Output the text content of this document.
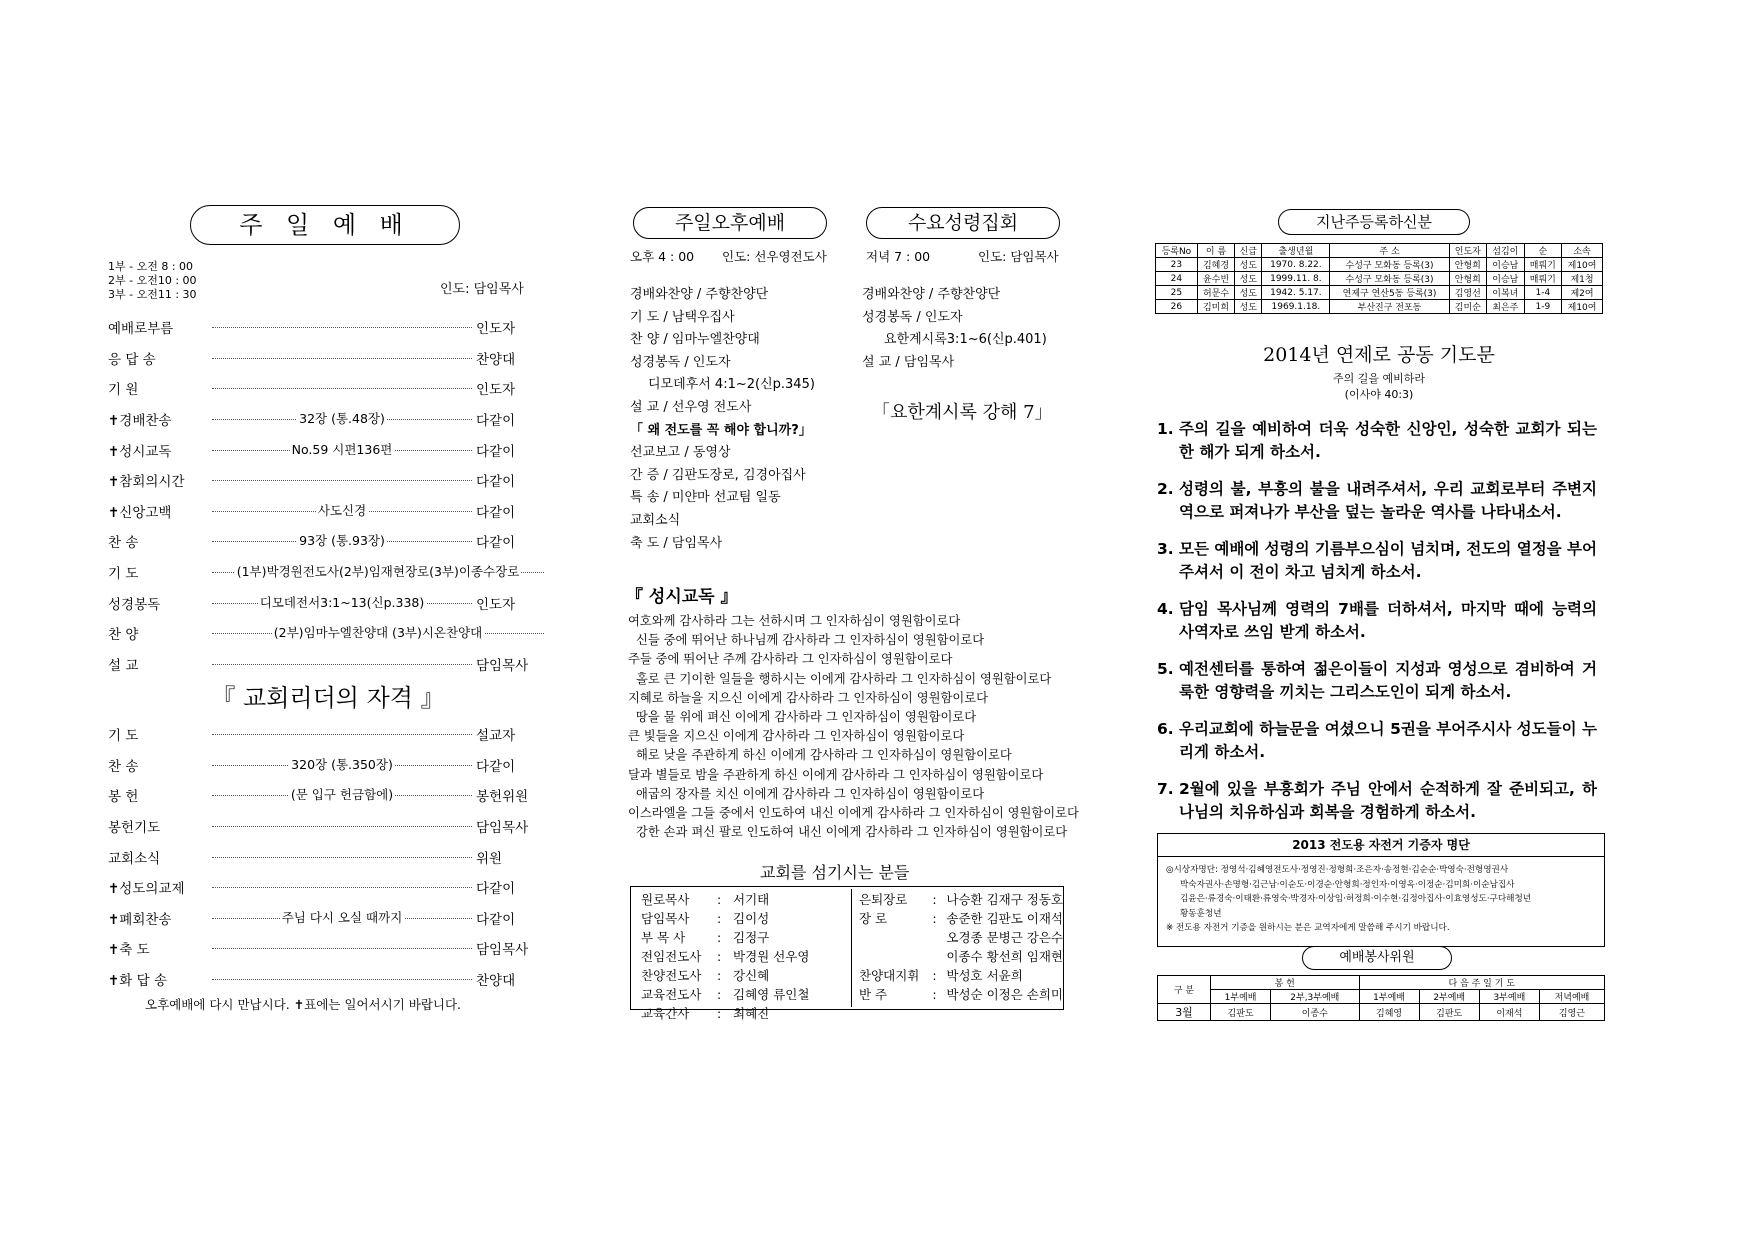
주 일 예 배
1부 - 오전 8 : 00
2부 - 오전10 : 00
3부 - 오전11 : 30	인도: 담임목사
예배로부름	인도자
응 답 송	찬양대
기 원	인도자
✝경배찬송	32장 (통.48장)	다같이
✝성시교독	No.59 시편136편	다같이
✝참회의시간	다같이
✝신앙고백	사도신경	다같이
찬 송	93장 (통.93장)	다같이
기 도	(1부)박경원전도사(2부)임재현장로(3부)이종수장로
성경봉독	디모데전서3:1~13(신p.338)	인도자
찬 양	(2부)임마누엘찬양대 (3부)시온찬양대
설 교	담임목사
『 교회리더의 자격 』
기 도	설교자
찬 송	320장 (통.350장)	다같이
봉 헌	(문 입구 헌금함에)	봉헌위원
봉헌기도	담임목사
교회소식	위원
✝성도의교제	다같이
✝폐회찬송	주님 다시 오실 때까지	다같이
✝축 도	담임목사
✝화 답 송	찬양대
오후예배에 다시 만납시다. ✝표에는 일어서시기 바랍니다.
주일오후예배
오후 4 : 00 인도: 선우영전도사
경배와찬양 / 주향찬양단
기 도 / 남택우집사
찬 양 / 임마누엘찬양대
성경봉독 / 인도자
디모데후서 4:1~2(신p.345)
설 교 / 선우영 전도사
「 왜 전도를 꼭 해야 합니까?」
선교보고 / 동영상
간 증 / 김판도장로, 김경아집사
특 송 / 미얀마 선교팀 일동
교회소식
축 도 / 담임목사
수요성령집회
저녁 7 : 00	인도: 담임목사
경배와찬양 / 주향찬양단
성경봉독 / 인도자
요한계시록3:1~6(신p.401)
설 교 / 담임목사
「요한계시록 강해 7」
『 성시교독 』
여호와께 감사하라 그는 선하시며 그 인자하심이 영원함이로다
신들 중에 뛰어난 하나님께 감사하라 그 인자하심이 영원함이로다
주들 중에 뛰어난 주께 감사하라 그 인자하심이 영원함이로다
홀로 큰 기이한 일들을 행하시는 이에게 감사하라 그 인자하심이 영원함이로다
지혜로 하늘을 지으신 이에게 감사하라 그 인자하심이 영원함이로다
땅을 물 위에 펴신 이에게 감사하라 그 인자하심이 영원함이로다
큰 빛들을 지으신 이에게 감사하라 그 인자하심이 영원함이로다
해로 낮을 주관하게 하신 이에게 감사하라 그 인자하심이 영원함이로다
달과 별들로 밤을 주관하게 하신 이에게 감사하라 그 인자하심이 영원함이로다
애굽의 장자를 치신 이에게 감사하라 그 인자하심이 영원함이로다
이스라엘을 그들 중에서 인도하여 내신 이에게 감사하라 그 인자하심이 영원함이로다
강한 손과 펴신 팔로 인도하여 내신 이에게 감사하라 그 인자하심이 영원함이로다
교회를 섬기시는 분들
원로목사	:	서기태
담임목사	:	김이성
부 목 사	:	김정구
전임전도사	:	박경원 선우영
찬양전도사	:	강신혜
교육전도사	:	김혜영 류인철
교육간사	:	최혜진
은퇴장로	:	나승환 김재구 정동호
장 로	:	송준한 김판도 이재석
		오경종 문병근 강은수
		이종수 황선희 임재현
찬양대지휘	:	박성호 서윤희
반 주	:	박성순 이정은 손희미
지난주등록하신분
등록No	이 름	신급	출생년월	주 소	인도자	섬김이	순	소속
23	김혜경	성도	1970. 8.22.	수성구 모화동 등록(3)	안형희	이승남	매뤄기	제10여
24	윤수빈	성도	1999.11. 8.	수성구 모화동 등록(3)	안형희	이승남	매뤄기	제1청
25	허문수	성도	1942. 5.17.	연제구 연산5동 등록(3)	김영선	이복녀	1-4	제2여
26	김미희	성도	1969.1.18.	부산진구 전포동	김미순	최은주	1-9	제10여
2014년 연제로 공동 기도문
주의 길을 예비하라
(이사야 40:3)
1. 주의 길을 예비하여 더욱 성숙한 신앙인, 성숙한 교회가 되는 한 해가 되게 하소서.
2. 성령의 불, 부흥의 불을 내려주셔서, 우리 교회로부터 주변지역으로 퍼져나가 부산을 덮는 놀라운 역사를 나타내소서.
3. 모든 예배에 성령의 기름부으심이 넘치며, 전도의 열정을 부어주셔서 이 전이 차고 넘치게 하소서.
4. 담임 목사님께 영력의 7배를 더하셔서, 마지막 때에 능력의 사역자로 쓰임 받게 하소서.
5. 예전센터를 통하여 젊은이들이 지성과 영성으로 겸비하여 거룩한 영향력을 끼치는 그리스도인이 되게 하소서.
6. 우리교회에 하늘문을 여셨으니 5권을 부어주시사 성도들이 누리게 하소서.
7. 2월에 있을 부흥회가 주님 안에서 순적하게 잘 준비되고, 하나님의 치유하심과 회복을 경험하게 하소서.
2013 전도용 자전거 기증자 명단
◎시상자명단: 정영석·김혜영전도사·정영진·정형희·조은자·송정현·김순순·박영숙·전형영권사
박숙자권사·손명형·김근남·이순도·이경순·안형희·정인자·이영옥·이정순·김미희·이순남집사
김윤은·류경숙·이태환·류영숙·박경자·이상임·허정희·이수현·김정아집사·이효영성도·구다해청년
황동훈청년
※ 전도용 자전거 기증을 원하시는 분은 교역자에게 말씀해 주시기 바랍니다.
예배봉사위원
구 분	봉 헌		다 음 주 일 기 도			
	1부예배	2부,3부예배	1부예배	2부예배	3부예배	저녁예배
3월	김판도	이종수	김혜영	김판도	이재석	김영근
